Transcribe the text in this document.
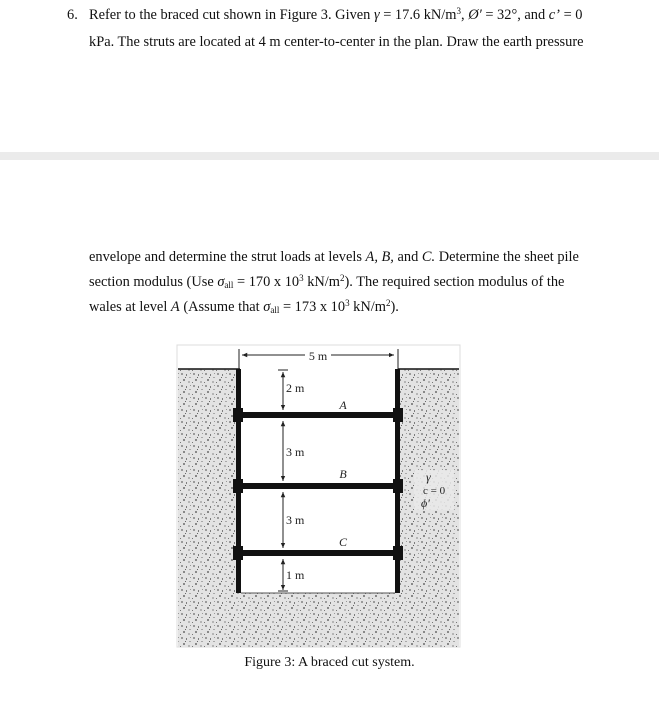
6. Refer to the braced cut shown in Figure 3. Given γ = 17.6 $kN/m^3$, Ø′ = 32°, and c’ = 0
kPa. The struts are located at 4 m center-to-center in the plan. Draw the earth pressure
envelope and determine the strut loads at levels A, B, and C. Determine the sheet pile
section modulus (Use $\sigma_{all} = 170$ x $10^3$ $kN/m^2$). The required section modulus of the
wales at level A (Assume that $\sigma_{all} = 173$ x $10^3$ $kN/m^2$).
5 m
2 m
3 m
3 m
1 m
A
B
C
γ
c = 0
ϕ′
Figure 3: A braced cut system.
